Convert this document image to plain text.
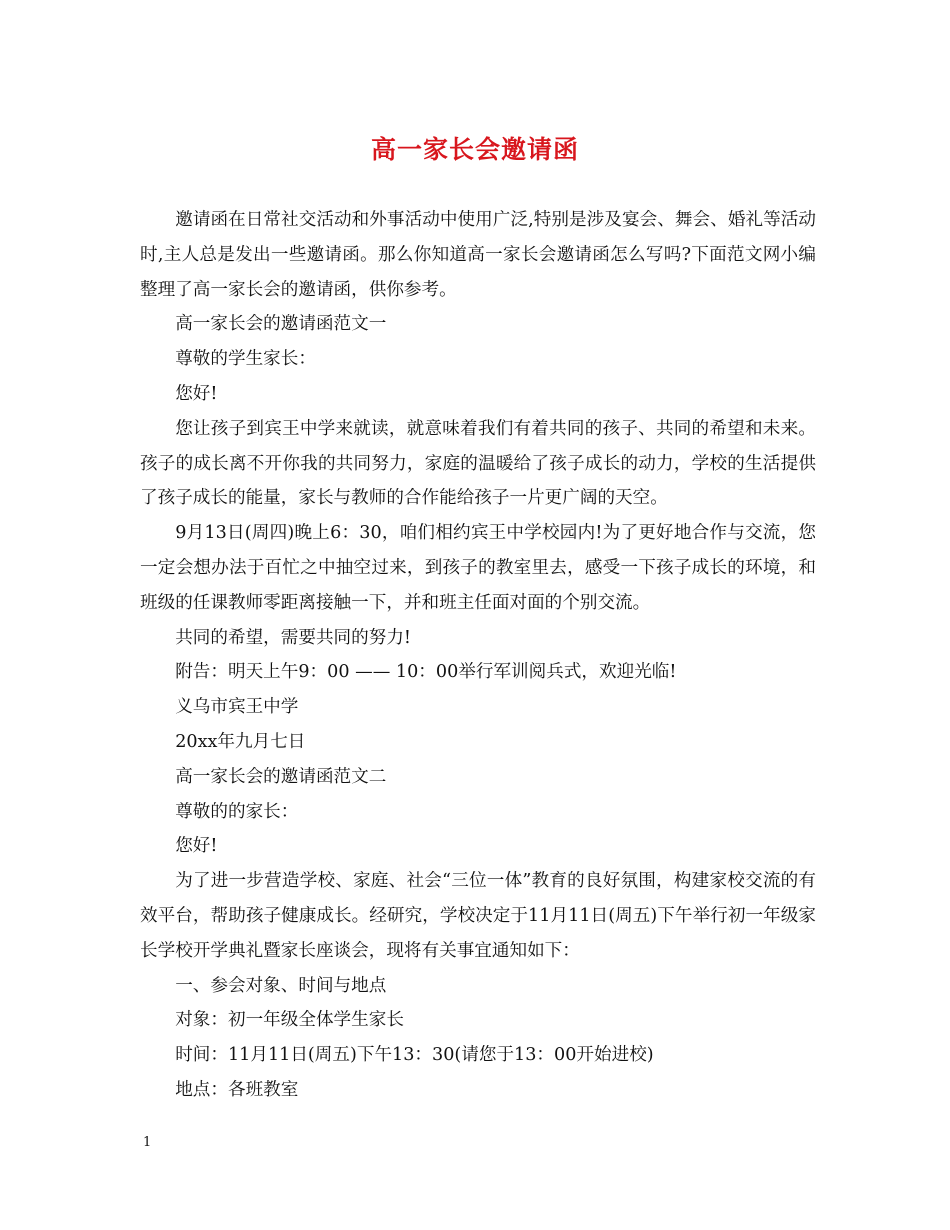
高一家长会邀请函

邀请函在日常社交活动和外事活动中使用广泛,特别是涉及宴会、舞会、婚礼等活动时,主人总是发出一些邀请函。那么你知道高一家长会邀请函怎么写吗?下面范文网小编整理了高一家长会的邀请函，供你参考。

高一家长会的邀请函范文一

尊敬的学生家长：

您好!

您让孩子到宾王中学来就读，就意味着我们有着共同的孩子、共同的希望和未来。孩子的成长离不开你我的共同努力，家庭的温暖给了孩子成长的动力，学校的生活提供了孩子成长的能量，家长与教师的合作能给孩子一片更广阔的天空。

9月13日(周四)晚上6：30，咱们相约宾王中学校园内!为了更好地合作与交流，您一定会想办法于百忙之中抽空过来，到孩子的教室里去，感受一下孩子成长的环境，和班级的任课教师零距离接触一下，并和班主任面对面的个别交流。

共同的希望，需要共同的努力!

附告：明天上午9：00 —— 10：00举行军训阅兵式，欢迎光临!

义乌市宾王中学

20xx年九月七日

高一家长会的邀请函范文二

尊敬的的家长：

您好!

为了进一步营造学校、家庭、社会“三位一体”教育的良好氛围，构建家校交流的有效平台，帮助孩子健康成长。经研究，学校决定于11月11日(周五)下午举行初一年级家长学校开学典礼暨家长座谈会，现将有关事宜通知如下：

一、参会对象、时间与地点

对象：初一年级全体学生家长

时间：11月11日(周五)下午13：30(请您于13：00开始进校)

地点：各班教室

1
